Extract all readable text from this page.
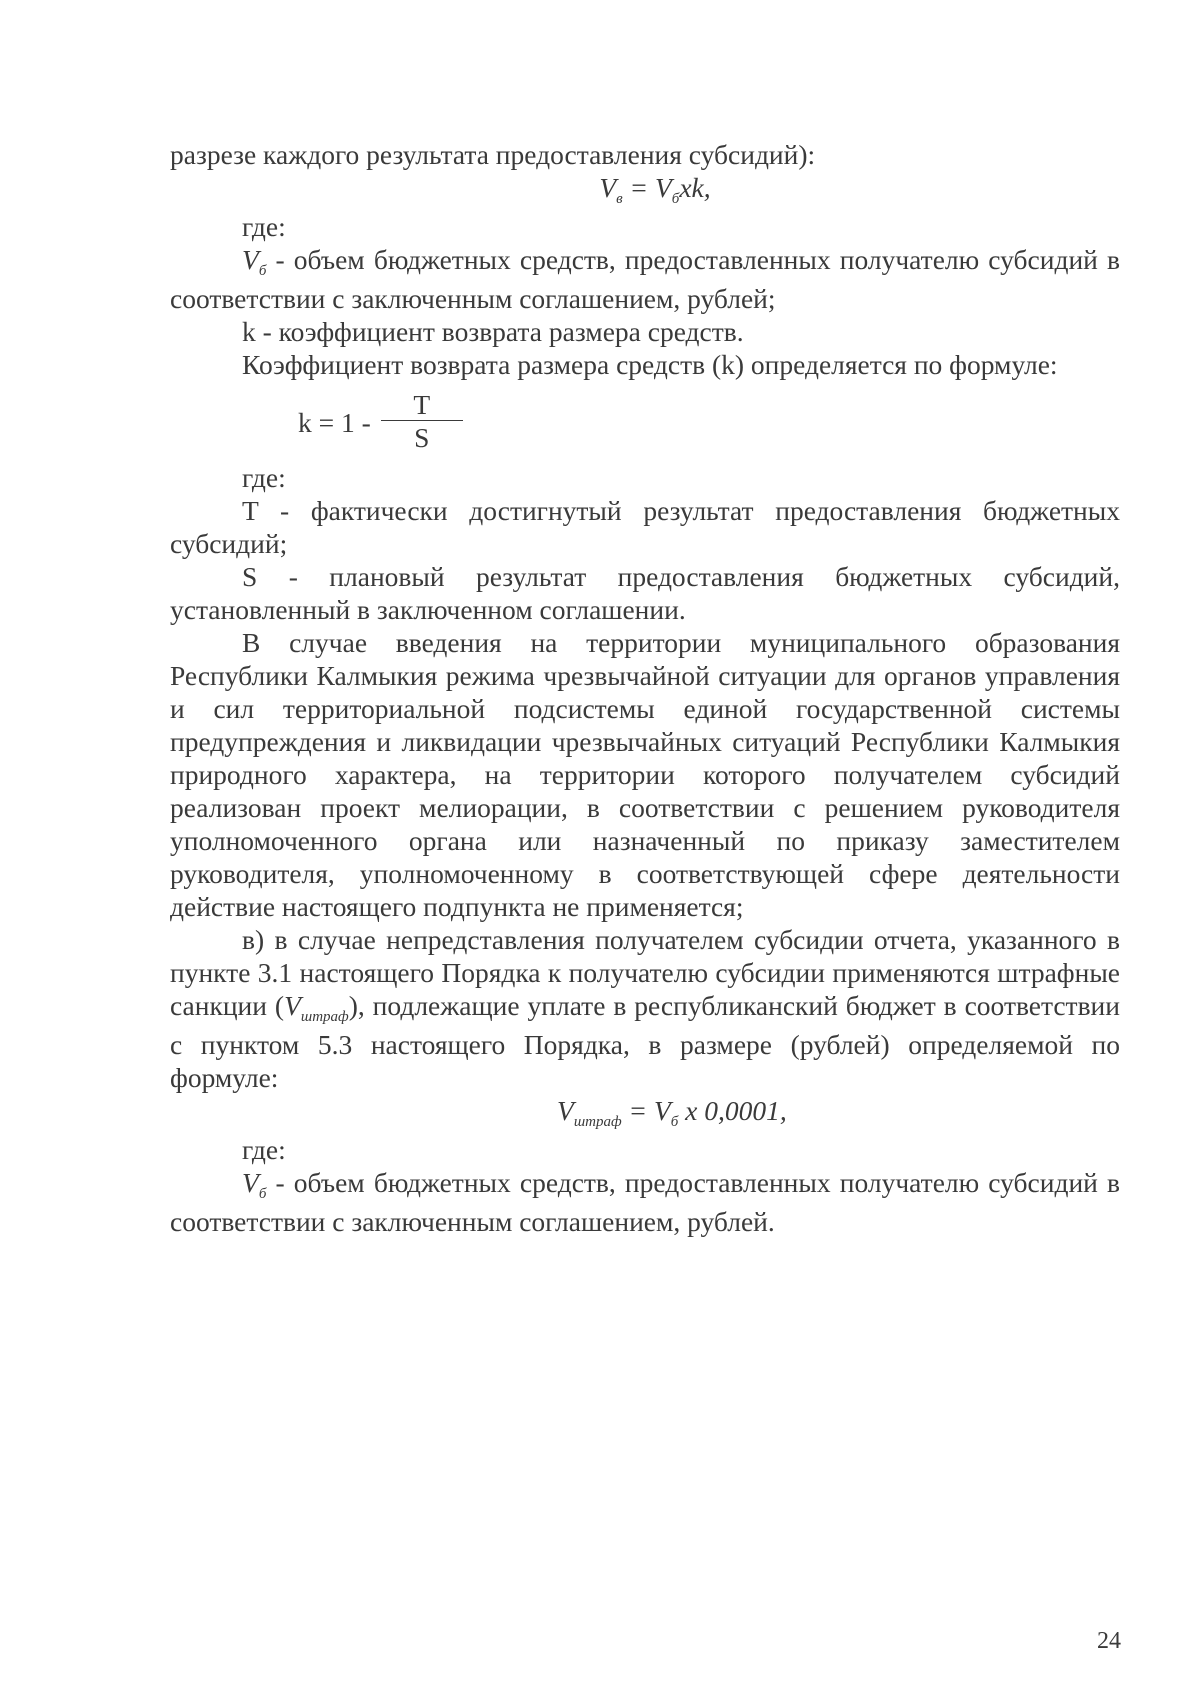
разрезе каждого результата предоставления субсидий):

$V_в = V_бхk$,

где:

$V_б$ - объем бюджетных средств, предоставленных получателю субсидий в соответствии с заключенным соглашением, рублей;

k - коэффициент возврата размера средств.

Коэффициент возврата размера средств (k) определяется по формуле:

$k = 1 - \frac{T}{S}$

где:

T - фактически достигнутый результат предоставления бюджетных субсидий;

S - плановый результат предоставления бюджетных субсидий, установленный в заключенном соглашении.

В случае введения на территории муниципального образования Республики Калмыкия режима чрезвычайной ситуации для органов управления и сил территориальной подсистемы единой государственной системы предупреждения и ликвидации чрезвычайных ситуаций Республики Калмыкия природного характера, на территории которого получателем субсидий реализован проект мелиорации, в соответствии с решением руководителя уполномоченного органа или назначенный по приказу заместителем руководителя, уполномоченному в соответствующей сфере деятельности действие настоящего подпункта не применяется;

в) в случае непредставления получателем субсидии отчета, указанного в пункте 3.1 настоящего Порядка к получателю субсидии применяются штрафные санкции $(V_{штраф})$, подлежащие уплате в республиканский бюджет в соответствии с пунктом 5.3 настоящего Порядка, в размере (рублей) определяемой по формуле:

$V_{штраф} = V_б$ х 0,0001,

где:

$V_б$ - объем бюджетных средств, предоставленных получателю субсидий в соответствии с заключенным соглашением, рублей.

24
